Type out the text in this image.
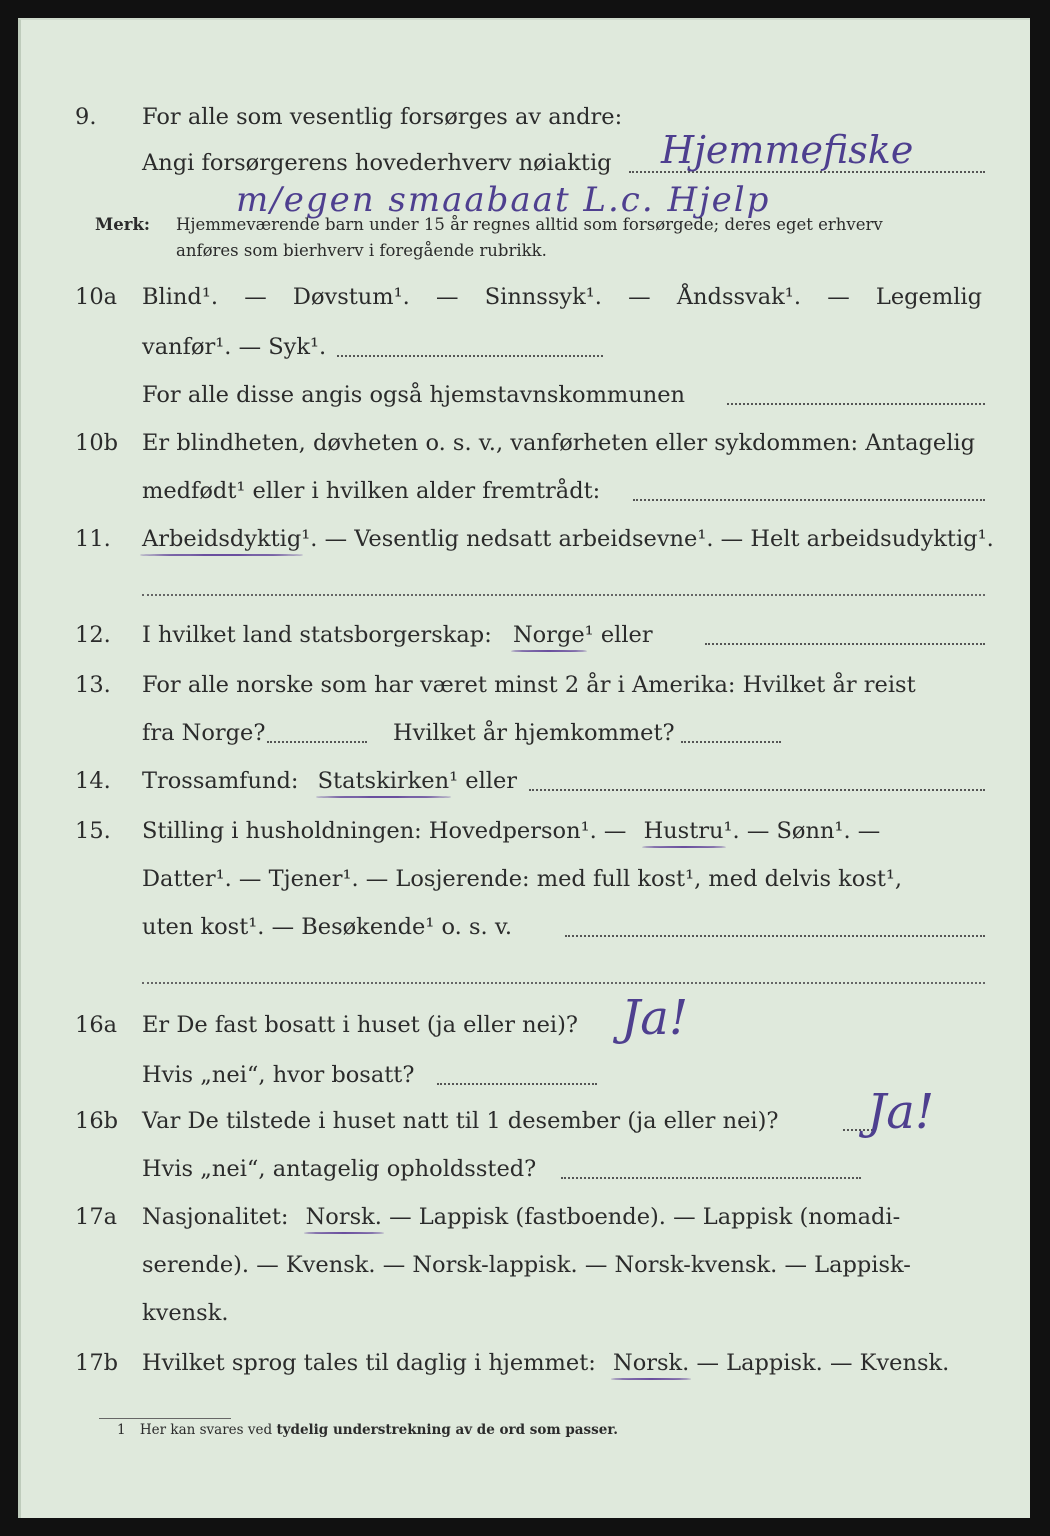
9. For alle som vesentlig forsørges av andre:
Angi forsørgerens hovederhverv nøiaktig Hjemmefiske
m/egen smaabaat L.c. Hjelp
Merk: Hjemmeværende barn under 15 år regnes alltid som forsørgede; deres eget erhverv
anføres som bierhverv i foregående rubrikk.
10a Blind¹. — Døvstum¹. — Sinnssyk¹. — Åndssvak¹. — Legemlig
vanfør¹. — Syk¹.
For alle disse angis også hjemstavnskommunen
10b Er blindheten, døvheten o. s. v., vanførheten eller sykdommen: Antagelig
medfødt¹ eller i hvilken alder fremtrådt:
11. Arbeidsdyktig¹. — Vesentlig nedsatt arbeidsevne¹. — Helt arbeidsudyktig¹.
12. I hvilket land statsborgerskap: Norge¹ eller
13. For alle norske som har været minst 2 år i Amerika: Hvilket år reist
fra Norge?	Hvilket år hjemkommet?
14. Trossamfund: Statskirken¹ eller
15. Stilling i husholdningen: Hovedperson¹. — Hustru¹. — Sønn¹. —
Datter¹. — Tjener¹. — Losjerende: med full kost¹, med delvis kost¹,
uten kost¹. — Besøkende¹ o. s. v.
16a Er De fast bosatt i huset (ja eller nei)? Ja!
Hvis „nei“, hvor bosatt?
16b Var De tilstede i huset natt til 1 desember (ja eller nei)? Ja!
Hvis „nei“, antagelig opholdssted?
17a Nasjonalitet: Norsk. — Lappisk (fastboende). — Lappisk (nomadi-
serende). — Kvensk. — Norsk-lappisk. — Norsk-kvensk. — Lappisk-
kvensk.
17b Hvilket sprog tales til daglig i hjemmet: Norsk. — Lappisk. — Kvensk.
1 Her kan svares ved tydelig understrekning av de ord som passer.
